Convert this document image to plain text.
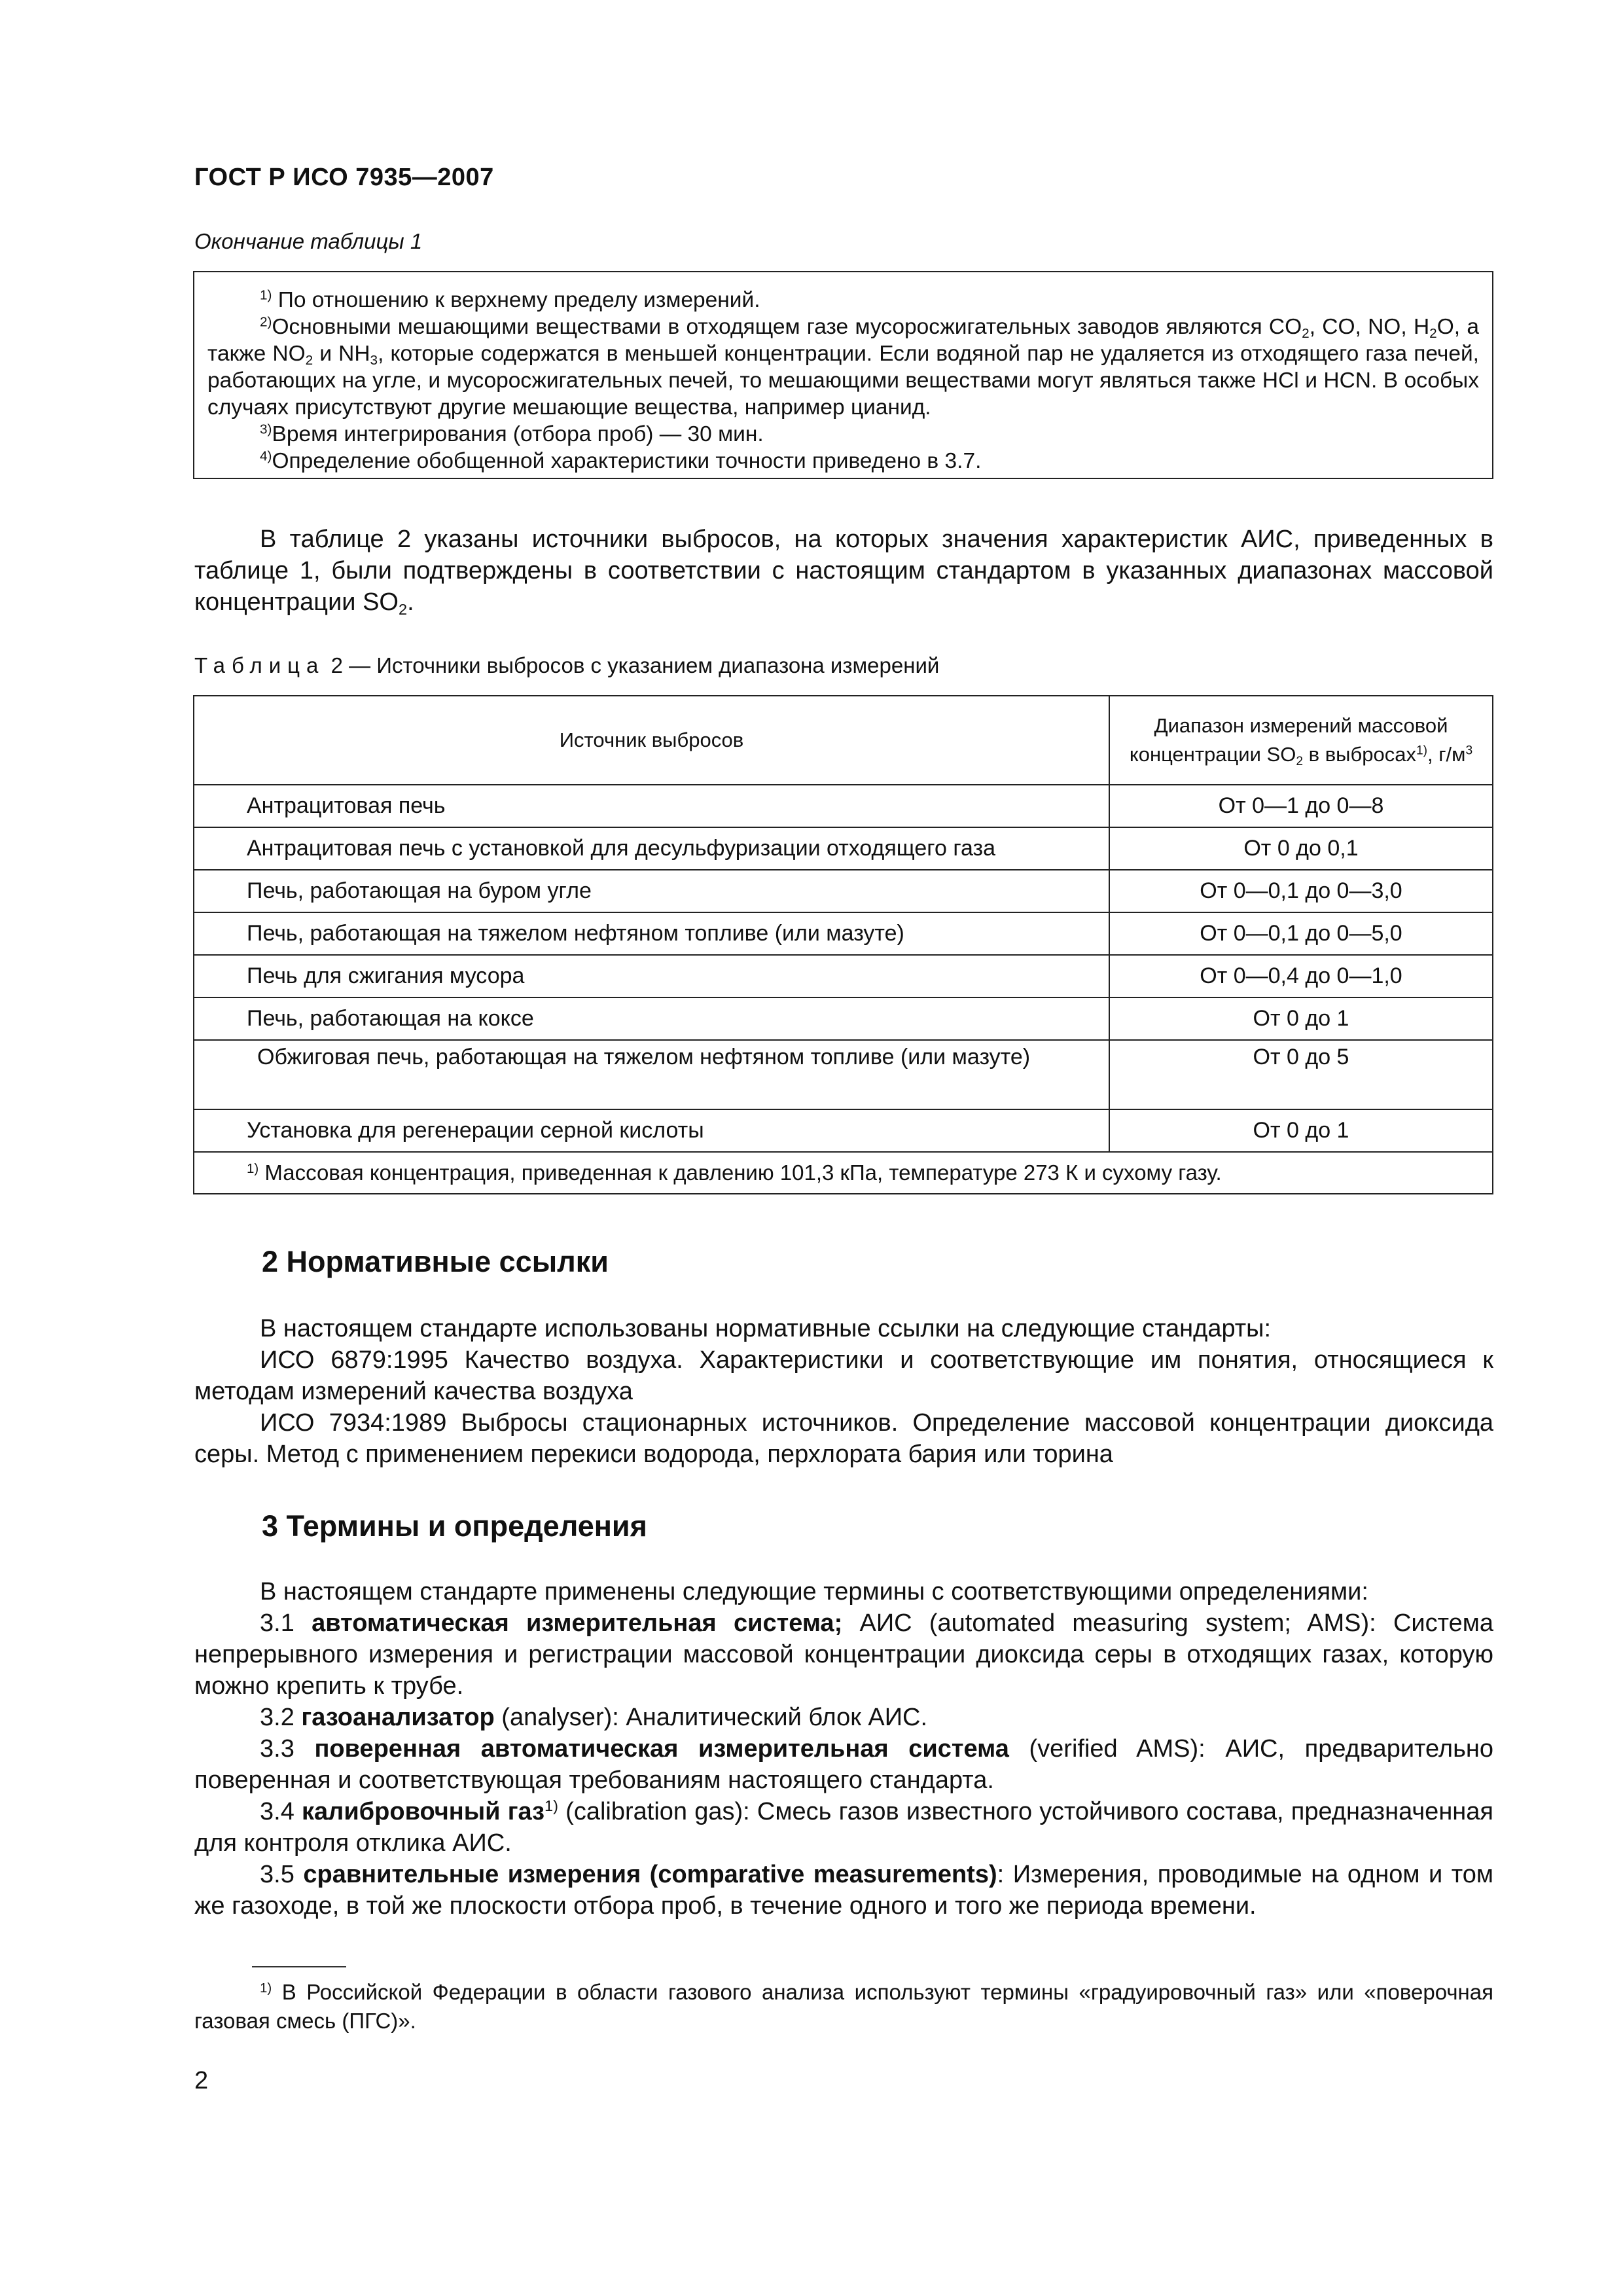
ГОСТ Р ИСО 7935—2007
Окончание таблицы 1

$^{1)}$ По отношению к верхнему пределу измерений.

$^{2)}$Основными мешающими веществами в отходящем газе мусоросжигательных заводов являются $CO_2$, CO, NO, $H_2O$, а также $NO_2$ и $NH_3$, которые содержатся в меньшей концентрации. Если водяной пар не удаляется из отходящего газа печей, работающих на угле, и мусоросжигательных печей, то мешающими веществами могут являться также HCl и HCN. В особых случаях присутствуют другие мешающие вещества, например цианид.

$^{3)}$Время интегрирования (отбора проб) — 30 мин.

$^{4)}$Определение обобщенной характеристики точности приведено в 3.7.

В таблице 2 указаны источники выбросов, на которых значения характеристик АИС, приведенных в таблице 1, были подтверждены в соответствии с настоящим стандартом в указанных диапазонах массовой концентрации $SO_2$.

Таблица 2 — Источники выбросов с указанием диапазона измерений
Источник выбросов	Диапазон измерений массовой
концентрации $SO_2$ в выбросах$^{1)}$, $г/м^3$
Антрацитовая печь	От 0—1 до 0—8
Антрацитовая печь с установкой для десульфуризации отходящего газа	От 0 до 0,1
Печь, работающая на буром угле	От 0—0,1 до 0—3,0
Печь, работающая на тяжелом нефтяном топливе (или мазуте)	От 0—0,1 до 0—5,0
Печь для сжигания мусора	От 0—0,4 до 0—1,0
Печь, работающая на коксе	От 0 до 1
Обжиговая печь, работающая на тяжелом нефтяном топливе (или мазуте)	От 0 до 5
Установка для регенерации серной кислоты	От 0 до 1
$^{1)}$ Массовая концентрация, приведенная к давлению 101,3 кПа, температуре 273 К и сухому газу.	
2 Нормативные ссылки

В настоящем стандарте использованы нормативные ссылки на следующие стандарты:

ИСО 6879:1995 Качество воздуха. Характеристики и соответствующие им понятия, относящиеся к методам измерений качества воздуха

ИСО 7934:1989 Выбросы стационарных источников. Определение массовой концентрации диоксида серы. Метод с применением перекиси водорода, перхлората бария или торина

3 Термины и определения

В настоящем стандарте применены следующие термины с соответствующими определениями:

3.1 автоматическая измерительная система; АИС (automated measuring system; AMS): Система непрерывного измерения и регистрации массовой концентрации диоксида серы в отходящих газах, которую можно крепить к трубе.

3.2 газоанализатор (analyser): Аналитический блок АИС.

3.3 поверенная автоматическая измерительная система (verified AMS): АИС, предварительно поверенная и соответствующая требованиям настоящего стандарта.

3.4 калибровочный газ$^{1)}$ (calibration gas): Смесь газов известного устойчивого состава, предназначенная для контроля отклика АИС.

3.5 сравнительные измерения (comparative measurements): Измерения, проводимые на одном и том же газоходе, в той же плоскости отбора проб, в течение одного и того же периода времени.

$^{1)}$ В Российской Федерации в области газового анализа используют термины «градуировочный газ» или «поверочная газовая смесь (ПГС)».

2
